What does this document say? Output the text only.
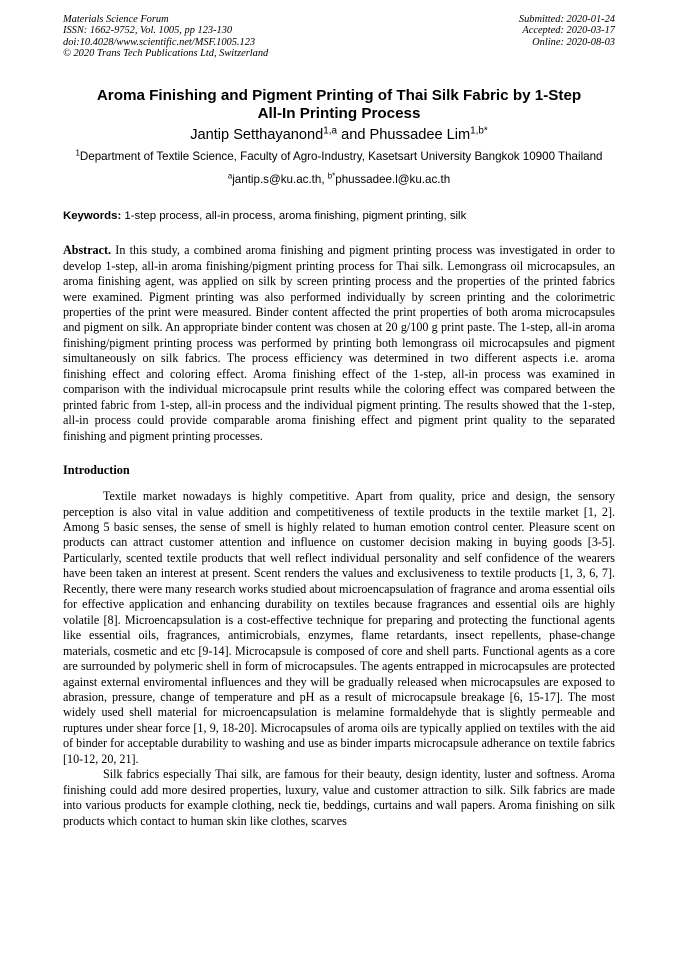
Materials Science Forum
ISSN: 1662-9752, Vol. 1005, pp 123-130
doi:10.4028/www.scientific.net/MSF.1005.123
© 2020 Trans Tech Publications Ltd, Switzerland
Submitted: 2020-01-24
Accepted: 2020-03-17
Online: 2020-08-03
Aroma Finishing and Pigment Printing of Thai Silk Fabric by 1-Step
All-In Printing Process
Jantip Setthayanond$^{1,a}$ and Phussadee Lim$^{1,b*}$
$^1$Department of Textile Science, Faculty of Agro-Industry, Kasetsart University Bangkok 10900 Thailand
$^a$jantip.s@ku.ac.th, $^{b*}$phussadee.l@ku.ac.th
Keywords: 1-step process, all-in process, aroma finishing, pigment printing, silk
Abstract. In this study, a combined aroma finishing and pigment printing process was investigated in order to develop 1-step, all-in aroma finishing/pigment printing process for Thai silk. Lemongrass oil microcapsules, an aroma finishing agent, was applied on silk by screen printing process and the properties of the printed fabrics were examined. Pigment printing was also performed individually by screen printing and the colorimetric properties of the print were measured. Binder content affected the print properties of both aroma microcapsules and pigment on silk. An appropriate binder content was chosen at 20 g/100 g print paste. The 1-step, all-in aroma finishing/pigment printing process was performed by printing both lemongrass oil microcapsules and pigment simultaneously on silk fabrics. The process efficiency was determined in two different aspects i.e. aroma finishing effect and coloring effect. Aroma finishing effect of the 1-step, all-in process was examined in comparison with the individual microcapsule print results while the coloring effect was compared between the printed fabric from 1-step, all-in process and the individual pigment printing. The results showed that the 1-step, all-in process could provide comparable aroma finishing effect and pigment print quality to the separated finishing and pigment printing processes.
Introduction

Textile market nowadays is highly competitive. Apart from quality, price and design, the sensory perception is also vital in value addition and competitiveness of textile products in the textile market [1, 2]. Among 5 basic senses, the sense of smell is highly related to human emotion control center. Pleasure scent on products can attract customer attention and influence on customer decision making in buying goods [3-5]. Particularly, scented textile products that well reflect individual personality and self confidence of the wearers have been taken an interest at present. Scent renders the values and exclusiveness to textile products [1, 3, 6, 7]. Recently, there were many research works studied about microencapsulation of fragrance and aroma essential oils for effective application and enhancing durability on textiles because fragrances and essential oils are highly volatile [8]. Microencapsulation is a cost-effective technique for preparing and protecting the functional agents like essential oils, fragrances, antimicrobials, enzymes, flame retardants, insect repellents, phase-change materials, cosmetic and etc [9-14]. Microcapsule is composed of core and shell parts. Functional agents as a core are surrounded by polymeric shell in form of microcapsules. The agents entrapped in microcapsules are protected against external enviromental influences and they will be gradually released when microcapsules are exposed to abrasion, pressure, change of temperature and pH as a result of microcapsule breakage [6, 15-17]. The most widely used shell material for microencapsulation is melamine formaldehyde that is slightly permeable and ruptures under shear force [1, 9, 18-20]. Microcapsules of aroma oils are typically applied on textiles with the aid of binder for acceptable durability to washing and use as binder imparts microcapsule adherance on textile fabrics [10-12, 20, 21].

Silk fabrics especially Thai silk, are famous for their beauty, design identity, luster and softness. Aroma finishing could add more desired properties, luxury, value and customer attraction to silk. Silk fabrics are made into various products for example clothing, neck tie, beddings, curtains and wall papers. Aroma finishing on silk products which contact to human skin like clothes, scarves
